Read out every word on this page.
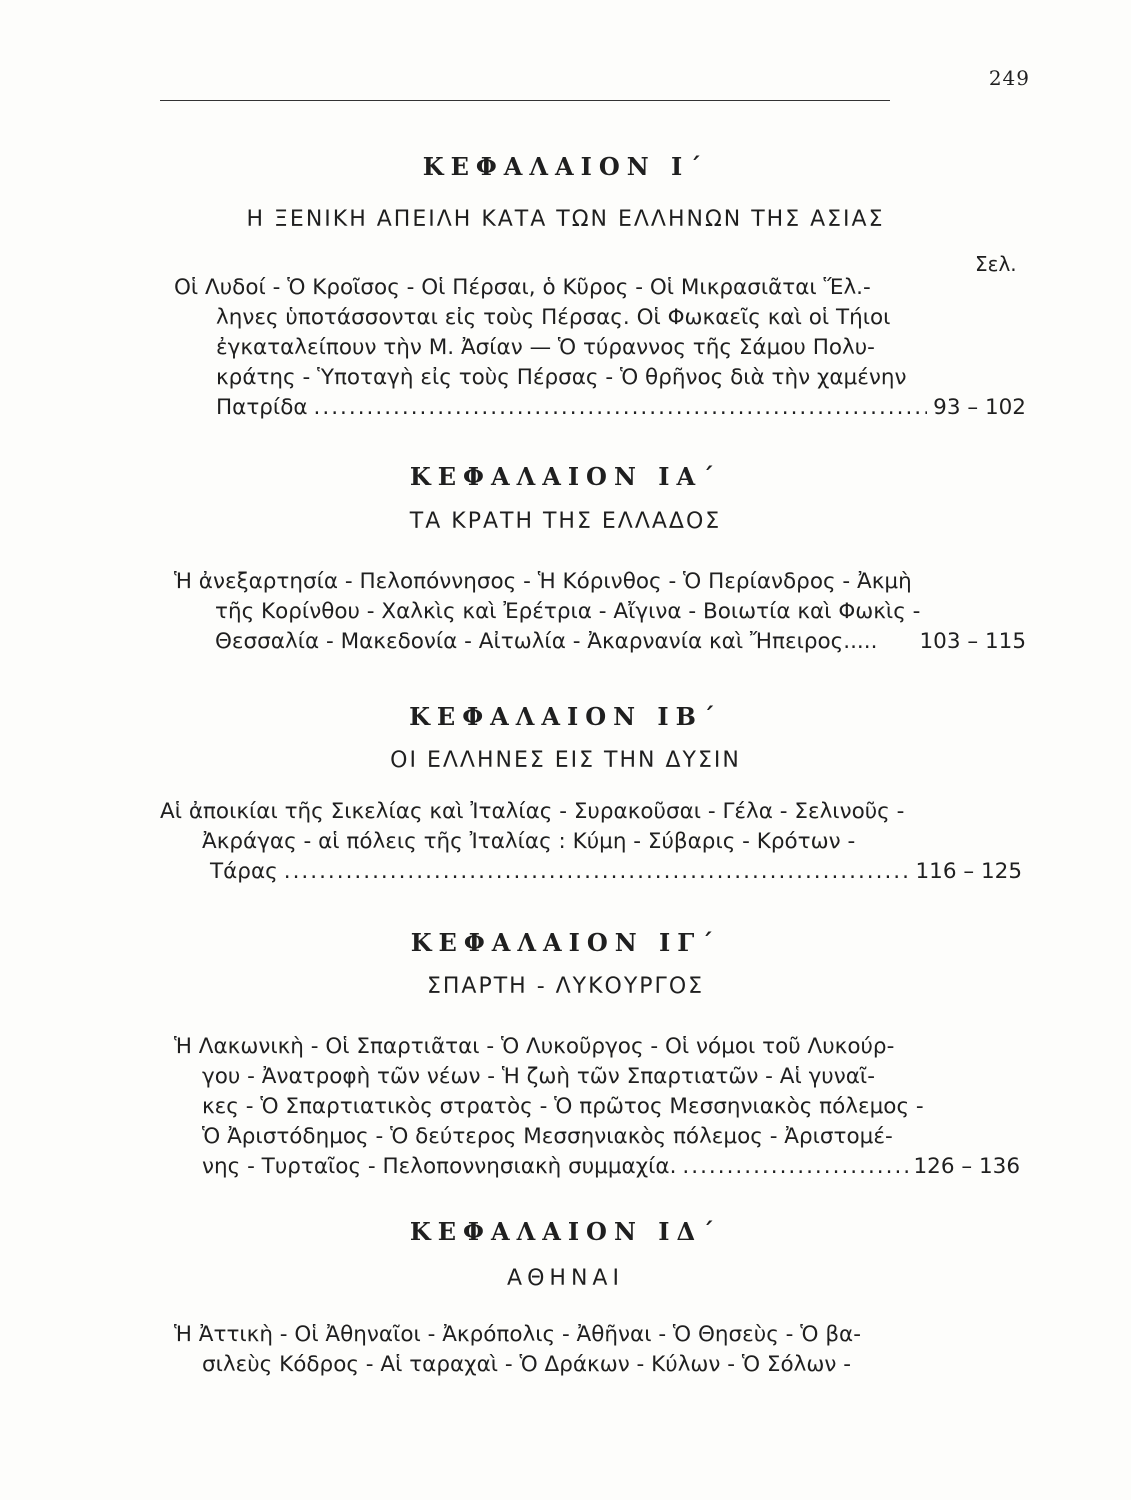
249
Σελ.
ΚΕΦΑΛΑΙΟΝ Ι΄
Η ΞΕΝΙΚΗ ΑΠΕΙΛΗ ΚΑΤΑ ΤΩΝ ΕΛΛΗΝΩΝ ΤΗΣ ΑΣΙΑΣ
Οἱ Λυδοί - Ὁ Κροῖσος - Οἱ Πέρσαι, ὁ Κῦρος - Οἱ Μικρασιᾶται Ἕλ.-
ληνες ὑποτάσσονται εἰς τοὺς Πέρσας. Οἱ Φωκαεῖς καὶ οἱ Τήιοι
ἐγκαταλείπουν τὴν Μ. Ἀσίαν — Ὁ τύραννος τῆς Σάμου Πολυ-
κράτης - Ὑποταγὴ εἰς τοὺς Πέρσας - Ὁ θρῆνος διὰ τὴν χαμένην
Πατρίδα .....	93 – 102
ΚΕΦΑΛΑΙΟΝ ΙΑ΄
ΤΑ ΚΡΑΤΗ ΤΗΣ ΕΛΛΑΔΟΣ
Ἡ ἀνεξαρτησία - Πελοπόννησος - Ἡ Κόρινθος - Ὁ Περίανδρος - Ἀκμὴ
τῆς Κορίνθου - Χαλκὶς καὶ Ἐρέτρια - Αἴγινα - Βοιωτία καὶ Φωκὶς -
Θεσσαλία - Μακεδονία - Αἰτωλία - Ἀκαρνανία καὶ Ἤπειρος..... 103 – 115
ΚΕΦΑΛΑΙΟΝ ΙΒ΄
ΟΙ ΕΛΛΗΝΕΣ ΕΙΣ ΤΗΝ ΔΥΣΙΝ
Αἱ ἀποικίαι τῆς Σικελίας καὶ Ἰταλίας - Συρακοῦσαι - Γέλα - Σελινοῦς -
Ἀκράγας - αἱ πόλεις τῆς Ἰταλίας : Κύμη - Σύβαρις - Κρότων -
Τάρας .....	116 – 125
ΚΕΦΑΛΑΙΟΝ ΙΓ΄
ΣΠΑΡΤΗ - ΛΥΚΟΥΡΓΟΣ
Ἡ Λακωνικὴ - Οἱ Σπαρτιᾶται - Ὁ Λυκοῦργος - Οἱ νόμοι τοῦ Λυκούρ-
γου - Ἀνατροφὴ τῶν νέων - Ἡ ζωὴ τῶν Σπαρτιατῶν - Αἱ γυναῖ-
κες - Ὁ Σπαρτιατικὸς στρατὸς - Ὁ πρῶτος Μεσσηνιακὸς πόλεμος -
Ὁ Ἀριστόδημος - Ὁ δεύτερος Μεσσηνιακὸς πόλεμος - Ἀριστομέ-
νης - Τυρταῖος - Πελοποννησιακὴ συμμαχία. .....	126 – 136
ΚΕΦΑΛΑΙΟΝ ΙΔ΄
ΑΘΗΝΑΙ
Ἡ Ἀττικὴ - Οἱ Ἀθηναῖοι - Ἀκρόπολις - Ἀθῆναι - Ὁ Θησεὺς - Ὁ βα-
σιλεὺς Κόδρος - Αἱ ταραχαὶ - Ὁ Δράκων - Κύλων - Ὁ Σόλων -
